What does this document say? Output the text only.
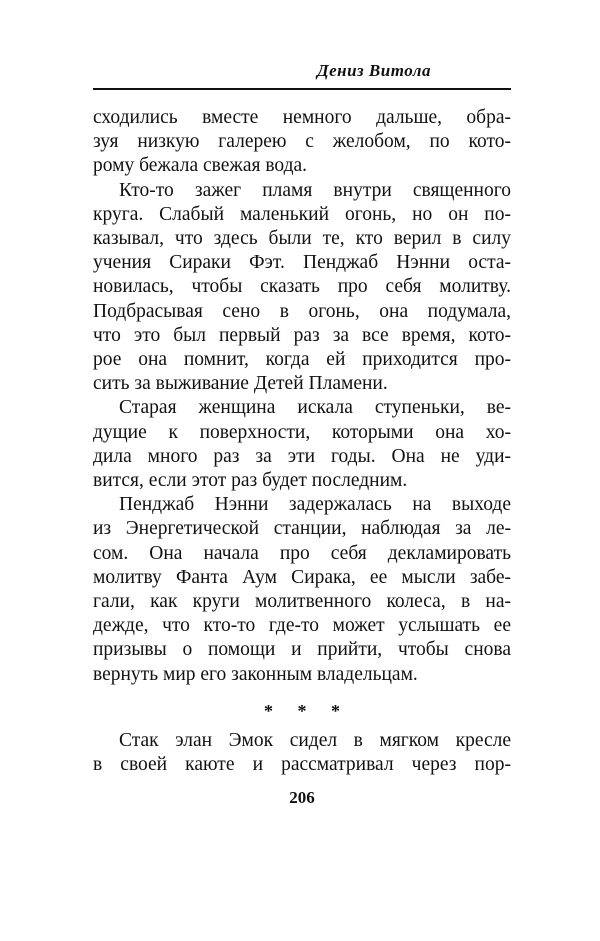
Дениз Витола

сходились вместе немного дальше, обра-
зуя низкую галерею с желобом, по кото-
рому бежала свежая вода.

Кто-то зажег пламя внутри священного
круга. Слабый маленький огонь, но он по-
казывал, что здесь были те, кто верил в силу
учения Сираки Фэт. Пенджаб Нэнни оста-
новилась, чтобы сказать про себя молитву.
Подбрасывая сено в огонь, она подумала,
что это был первый раз за все время, кото-
рое она помнит, когда ей приходится про-
сить за выживание Детей Пламени.

Старая женщина искала ступеньки, ве-
дущие к поверхности, которыми она хо-
дила много раз за эти годы. Она не уди-
вится, если этот раз будет последним.

Пенджаб Нэнни задержалась на выходе
из Энергетической станции, наблюдая за ле-
сом. Она начала про себя декламировать
молитву Фанта Аум Сирака, ее мысли забе-
гали, как круги молитвенного колеса, в на-
дежде, что кто-то где-то может услышать ее
призывы о помощи и прийти, чтобы снова
вернуть мир его законным владельцам.

* * *

Стак элан Эмок сидел в мягком кресле
в своей каюте и рассматривал через пор-

206
